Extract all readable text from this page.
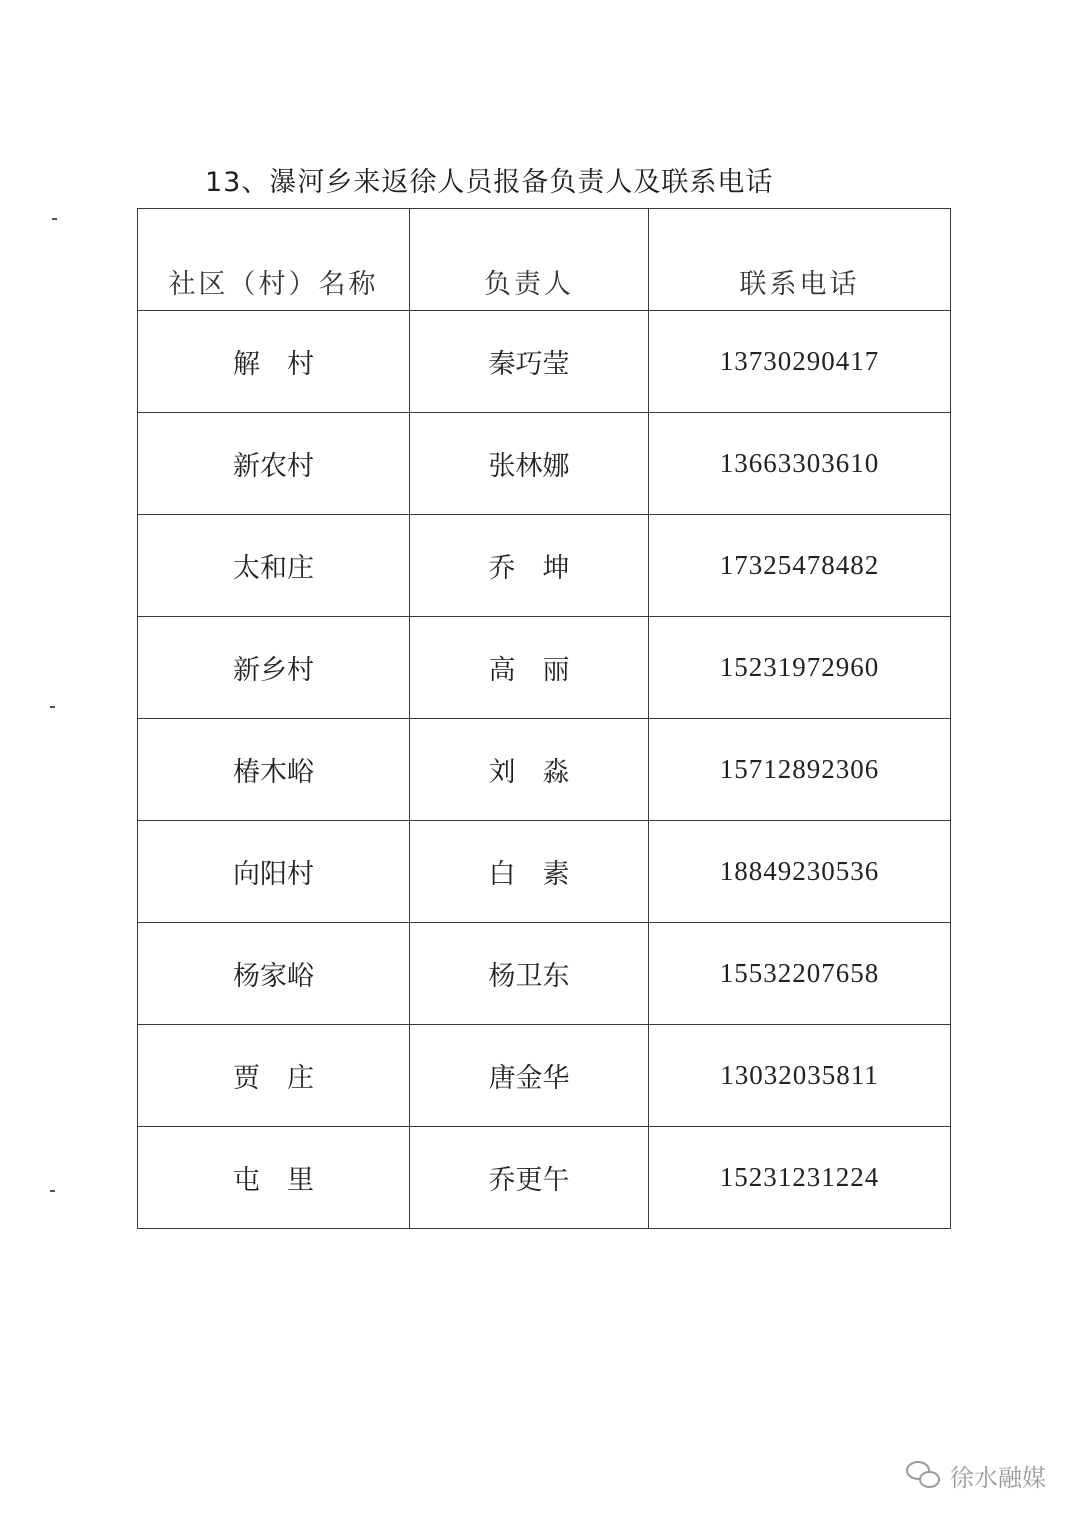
13、瀑河乡来返徐人员报备负责人及联系电话
社区（村）名称	负责人	联系电话
解　村	秦巧莹	13730290417
新农村	张林娜	13663303610
太和庄	乔　坤	17325478482
新乡村	高　丽	15231972960
椿木峪	刘　淼	15712892306
向阳村	白　素	18849230536
杨家峪	杨卫东	15532207658
贾　庄	唐金华	13032035811
屯　里	乔更午	15231231224
徐水融媒
